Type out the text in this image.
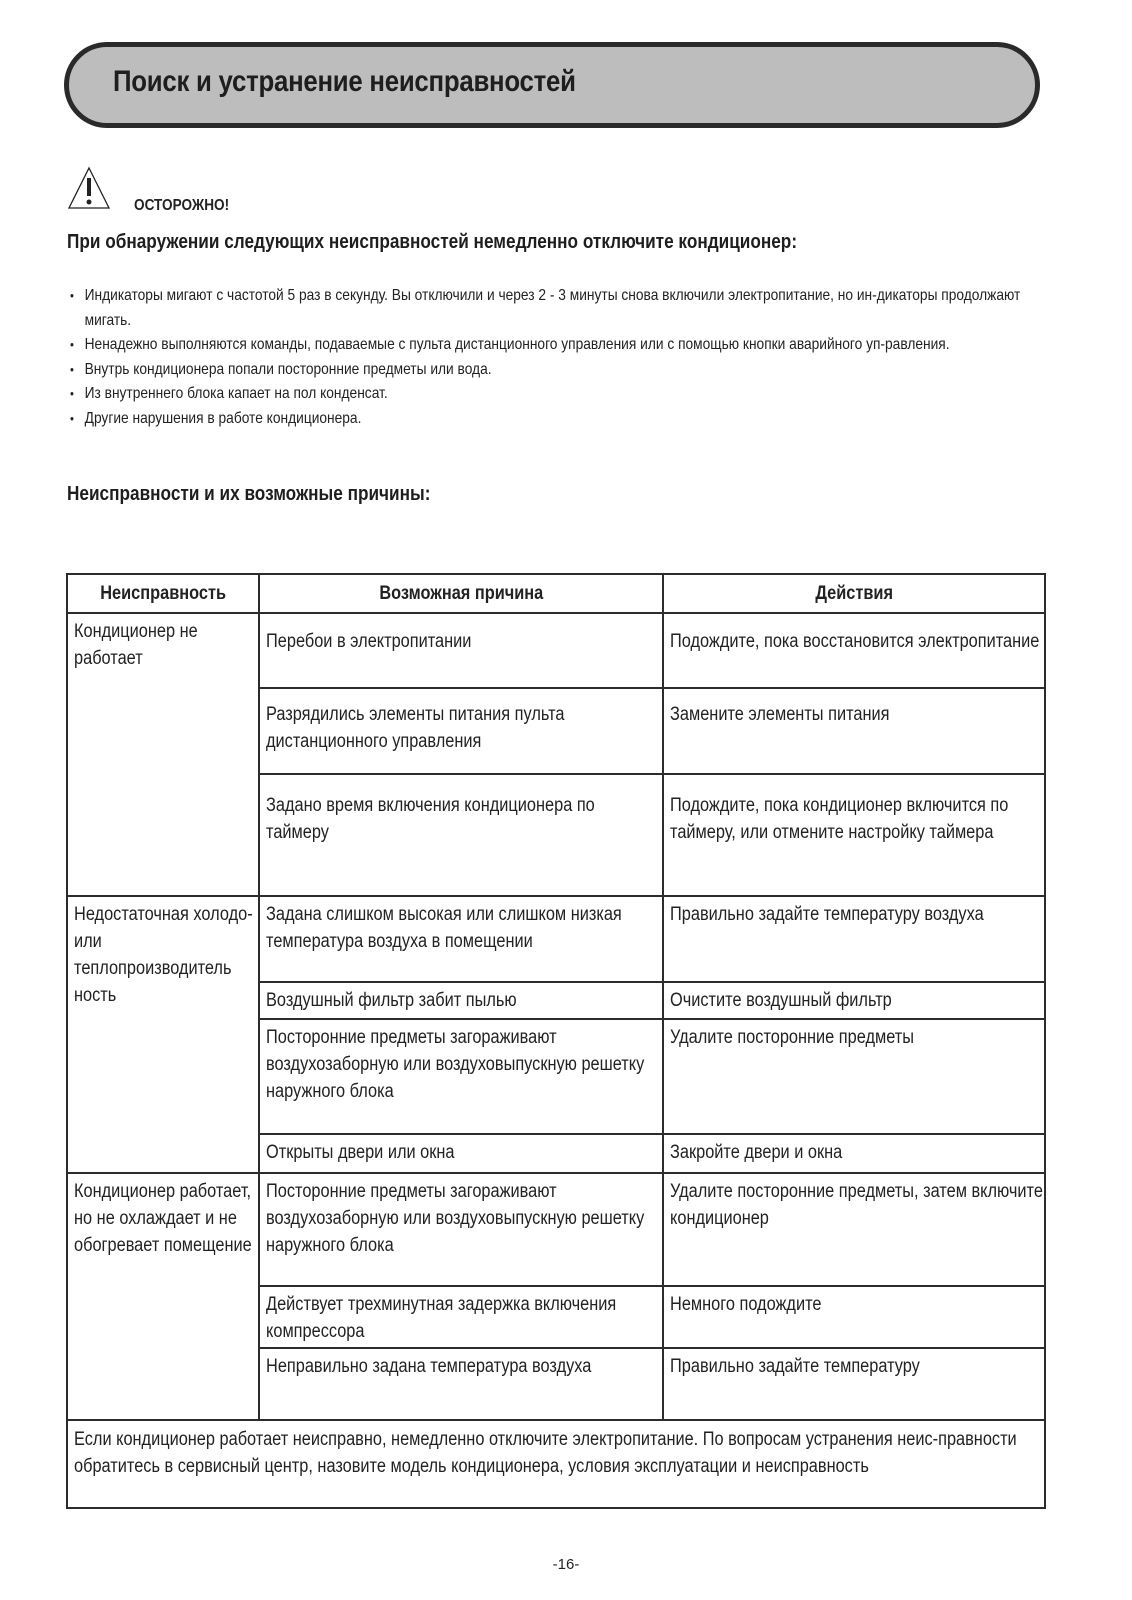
Поиск и устранение неисправностей
ОСТОРОЖНО!
При обнаружении следующих неисправностей немедленно отключите кондиционер:
• Индикаторы мигают с частотой 5 раз в секунду. Вы отключили и через 2 - 3 минуты снова включили электропитание, но ин-дикаторы продолжают мигать.
• Ненадежно выполняются команды, подаваемые с пульта дистанционного управления или с помощью кнопки аварийного уп-равления.
• Внутрь кондиционера попали посторонние предметы или вода.
• Из внутреннего блока капает на пол конденсат.
• Другие нарушения в работе кондиционера.
Неисправности и их возможные причины:
Неисправность	Возможная причина	Действия

Кондиционер не работает	Перебои в электропитании	Подождите, пока восстановится электропитание

	Разрядились элементы питания пульта дистанционного управления	Замените элементы питания

	Задано время включения кондиционера по таймеру	Подождите, пока кондиционер включится по таймеру, или отмените настройку таймера

Недостаточная холодо- или теплопроизводитель ность	Задана слишком высокая или слишком низкая температура воздуха в помещении	Правильно задайте температуру воздуха

	Воздушный фильтр забит пылью	Очистите воздушный фильтр

	Посторонние предметы загораживают воздухозаборную или воздуховыпускную решетку наружного блока	Удалите посторонние предметы

	Открыты двери или окна	Закройте двери и окна

Кондиционер работает, но не охлаждает и не обогревает помещение	Посторонние предметы загораживают воздухозаборную или воздуховыпускную решетку наружного блока	Удалите посторонние предметы, затем включите кондиционер

	Действует трехминутная задержка включения компрессора	Немного подождите

	Неправильно задана температура воздуха	Правильно задайте температуру

Если кондиционер работает неисправно, немедленно отключите электропитание. По вопросам устранения неис-правности обратитесь в сервисный центр, назовите модель кондиционера, условия эксплуатации и неисправность		
-16-
